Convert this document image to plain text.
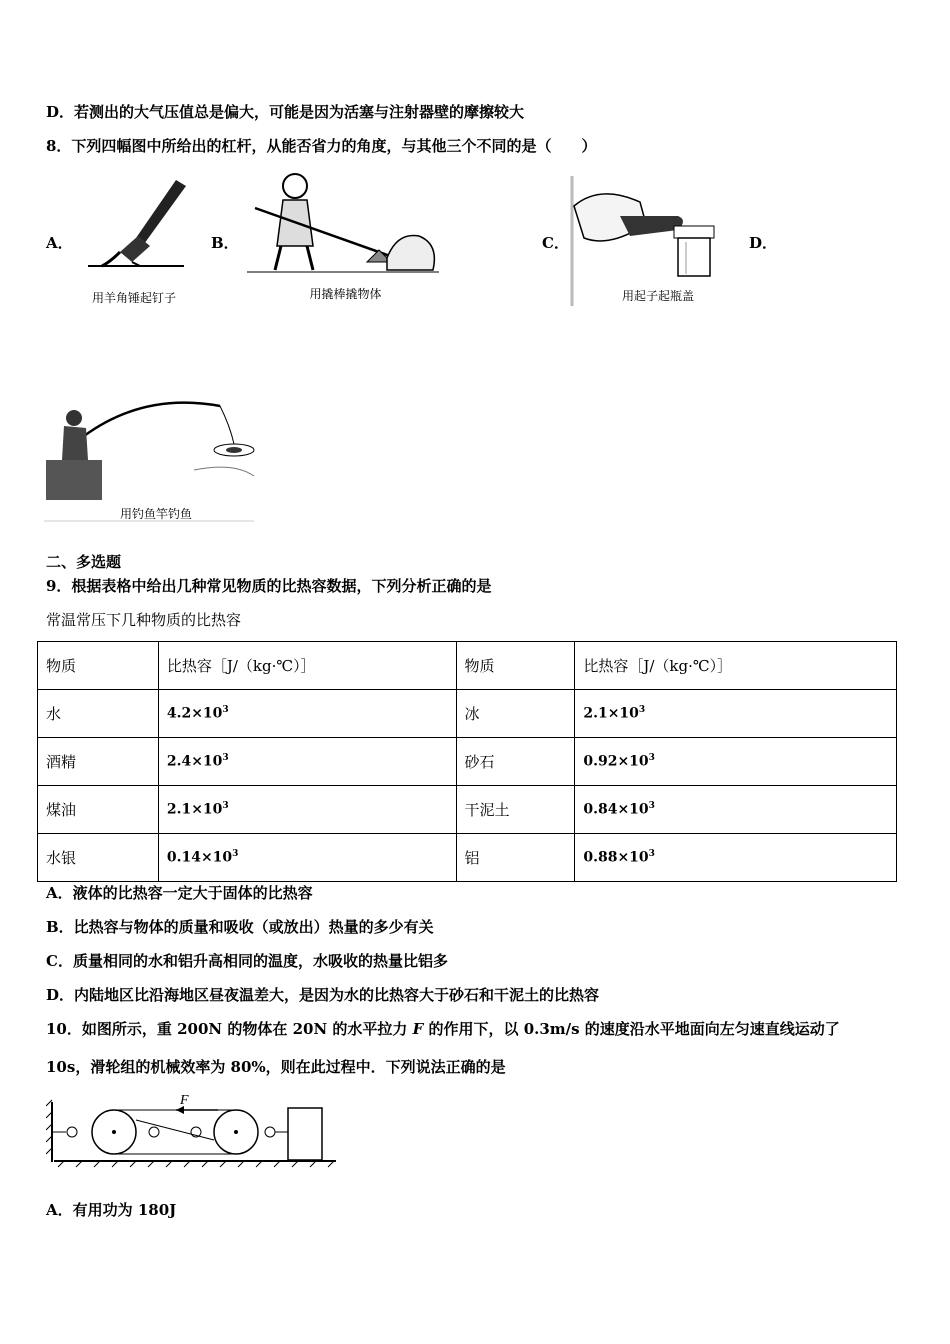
D．若测出的大气压值总是偏大，可能是因为活塞与注射器壁的摩擦较大
8．下列四幅图中所给出的杠杆，从能否省力的角度，与其他三个不同的是（　　）
A．	B．	C．	D．
用羊角锤起钉子	用撬棒撬物体	用起子起瓶盖
用钓鱼竿钓鱼
二、多选题
9．根据表格中给出几种常见物质的比热容数据，下列分析正确的是
常温常压下几种物质的比热容
物质	比热容［J/（kg·℃）］	物质	比热容［J/（kg·℃）］
水	$4.2\times 10^3$	冰	$2.1\times 10^3$
酒精	$2.4\times 10^3$	砂石	$0.92\times 10^3$
煤油	$2.1\times 10^3$	干泥土	$0.84\times 10^3$
水银	$0.14\times 10^3$	铝	$0.88\times 10^3$
A．液体的比热容一定大于固体的比热容
B．比热容与物体的质量和吸收（或放出）热量的多少有关
C．质量相同的水和铝升高相同的温度，水吸收的热量比铝多
D．内陆地区比沿海地区昼夜温差大，是因为水的比热容大于砂石和干泥土的比热容
10．如图所示，重 200N 的物体在 20N 的水平拉力 F 的作用下，以 0.3m/s 的速度沿水平地面向左匀速直线运动了
10s，滑轮组的机械效率为 80%，则在此过程中．下列说法正确的是
F
A．有用功为 180J
